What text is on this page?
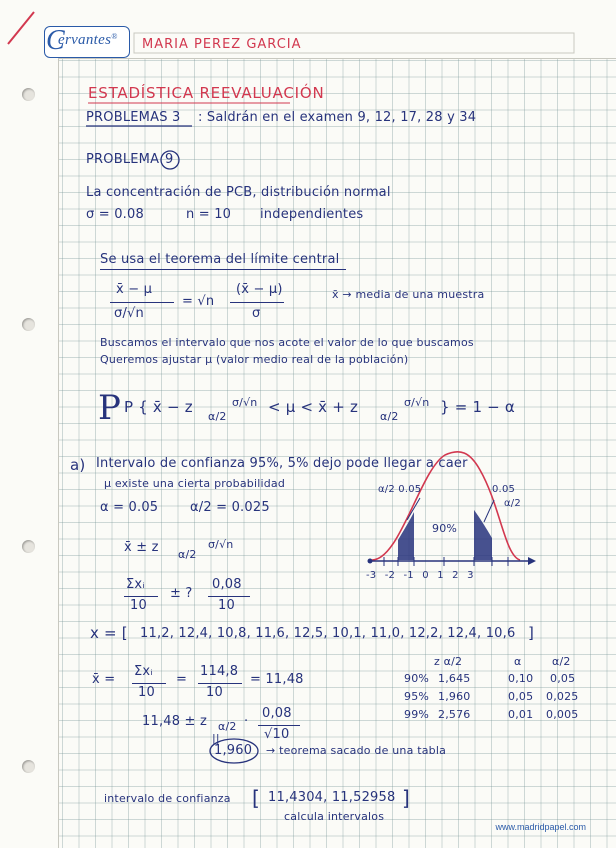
C
ervantes®
MARIA PEREZ GARCIA
ESTADÍSTICA REEVALUACIÓN
PROBLEMAS 3 : Saldrán en el examen 9, 12, 17, 28 y 34
PROBLEMA 9
La concentración de PCB, distribución normal
σ = 0.08	n = 10 independientes
Se usa el teorema del límite central
x̄ − μ
σ/√n
= √n
(x̄ − μ)
σ
x̄ → media de una muestra
Buscamos el intervalo que nos acote el valor de lo que buscamos
Queremos ajustar μ (valor medio real de la población)
P P { x̄ − z
α/2
σ/√n < μ < x̄ + z
α/2
σ/√n } = 1 − α
a) Intervalo de confianza 95%, 5% dejo pode llegar a caer
μ existe una cierta probabilidad
α = 0.05 α/2 = 0.025
x̄ ± z α/2
σ/√n
Σxᵢ
10
± ?
0,08
10
α/2 0.05
90%
0.05
α/2
-3 -2 -1 0 1 2 3
x = [ 11,2, 12,4, 10,8, 11,6, 12,5, 10,1, 11,0, 12,2, 12,4, 10,6 ]
x̄ =
Σxᵢ
10
=
114,8
10
= 11,48
11,48 ± z α/2 ·
0,08
√10
||
1,960 → teorema sacado de una tabla
z α/2	α	α/2
90% 1,645	0,10 0,05
95% 1,960	0,05 0,025
99% 2,576	0,01 0,005
intervalo de confianza [ 11,4304, 11,52958 ]
calcula intervalos
www.madridpapel.com
